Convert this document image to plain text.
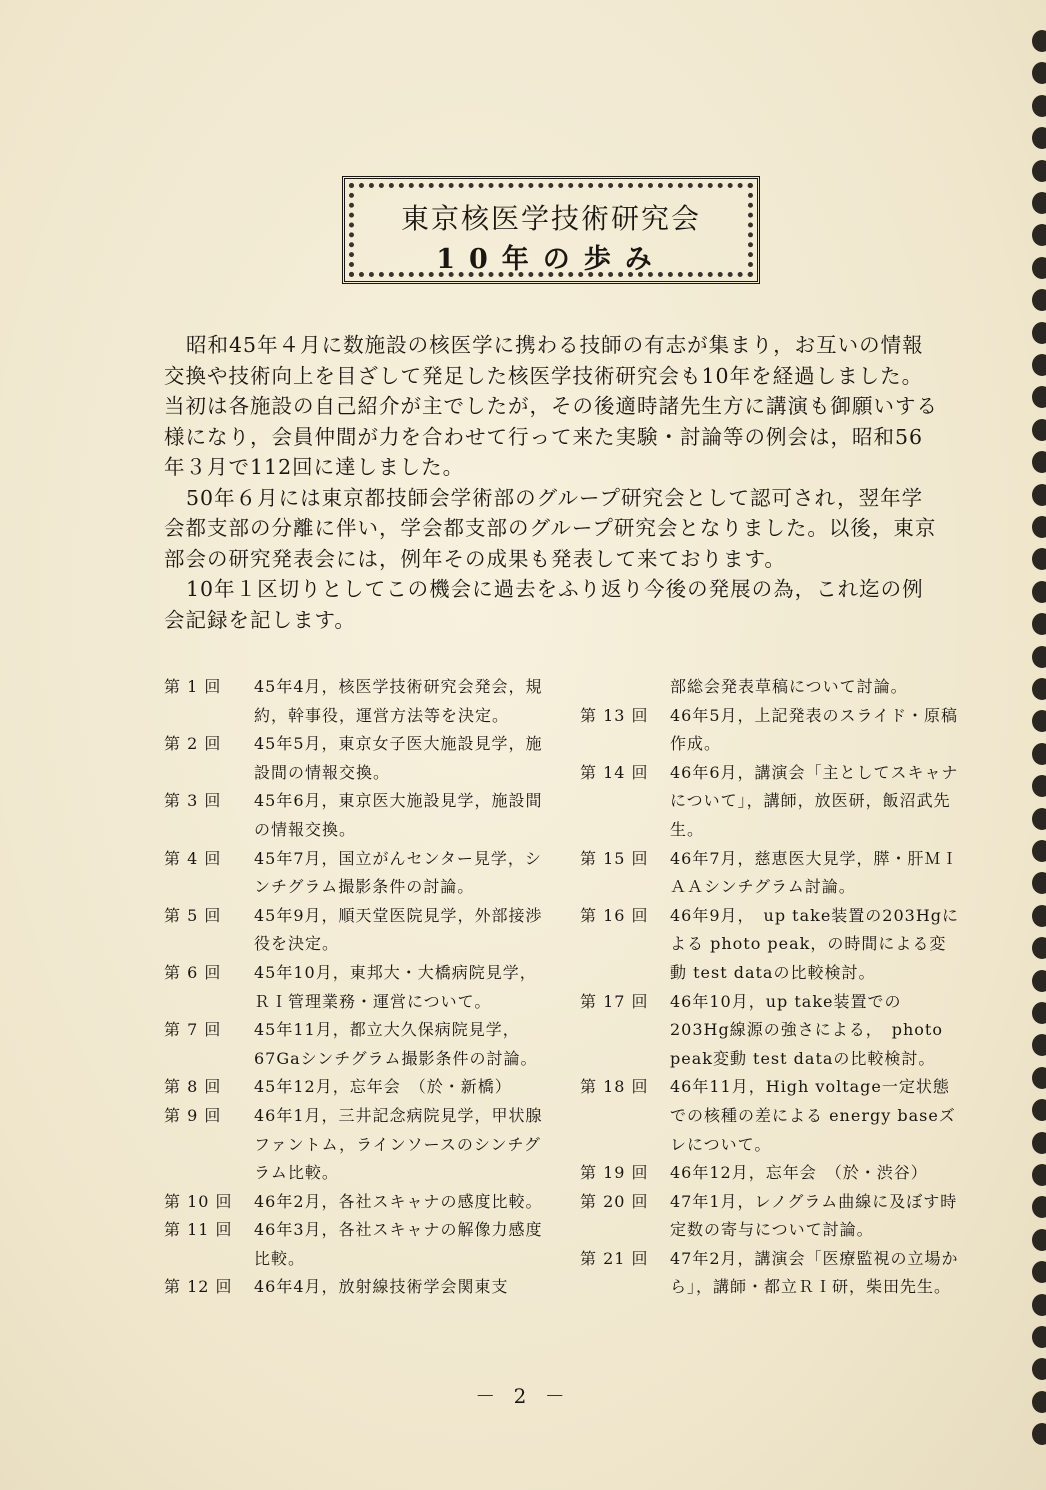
東京核医学技術研究会
10年の歩み

昭和45年４月に数施設の核医学に携わる技師の有志が集まり，お互いの情報交換や技術向上を目ざして発足した核医学技術研究会も10年を経過しました。当初は各施設の自己紹介が主でしたが，その後適時諸先生方に講演も御願いする様になり，会員仲間が力を合わせて行って来た実験・討論等の例会は，昭和56年３月で112回に達しました。

50年６月には東京都技師会学術部のグループ研究会として認可され，翌年学会都支部の分離に伴い，学会都支部のグループ研究会となりました。以後，東京部会の研究発表会には，例年その成果も発表して来ております。

10年１区切りとしてこの機会に過去をふり返り今後の発展の為，これ迄の例会記録を記します。

第 1 回	45年4月，核医学技術研究会発会，規約，幹事役，運営方法等を決定。
第 2 回	45年5月，東京女子医大施設見学，施設間の情報交換。
第 3 回	45年6月，東京医大施設見学，施設間の情報交換。
第 4 回	45年7月，国立がんセンター見学，シンチグラム撮影条件の討論。
第 5 回	45年9月，順天堂医院見学，外部接渉役を決定。
第 6 回	45年10月，東邦大・大橋病院見学，ＲＩ管理業務・運営について。
第 7 回	45年11月，都立大久保病院見学，67Gaシンチグラム撮影条件の討論。
第 8 回	45年12月，忘年会　（於・新橋）
第 9 回	46年1月，三井記念病院見学，甲状腺ファントム，ラインソースのシンチグラム比較。
第 10 回	46年2月，各社スキャナの感度比較。
第 11 回	46年3月，各社スキャナの解像力感度比較。
第 12 回	46年4月，放射線技術学会関東支
部総会発表草稿について討論。
第 13 回	46年5月，上記発表のスライド・原稿作成。
第 14 回	46年6月，講演会「主としてスキャナについて」，講師，放医研，飯沼武先生。
第 15 回	46年7月，慈恵医大見学，膵・肝ＭＩＡＡシンチグラム討論。
第 16 回	46年9月，　up take装置の203Hgによる photo peak，の時間による変動 test dataの比較検討。
第 17 回	46年10月，up take装置での203Hg線源の強さによる，　photo　peak変動 test dataの比較検討。
第 18 回	46年11月，High voltage一定状態での核種の差による energy baseズレについて。
第 19 回	46年12月，忘年会　（於・渋谷）
第 20 回	47年1月，レノグラム曲線に及ぼす時定数の寄与について討論。
第 21 回	47年2月，講演会「医療監視の立場から」，講師・都立ＲＩ研，柴田先生。
－ 2 －
